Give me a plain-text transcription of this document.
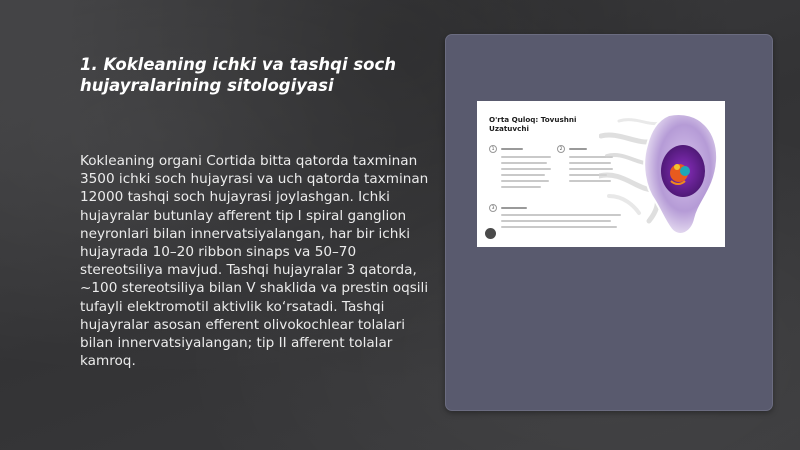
1. Kokleaning ichki va tashqi soch hujayralarining sitologiyasi

Kokleaning organi Cortida bitta qatorda taxminan 3500 ichki soch hujayrasi va uch qatorda taxminan 12000 tashqi soch hujayrasi joylashgan. Ichki hujayralar butunlay afferent tip I spiral ganglion neyronlari bilan innervatsiyalangan, har bir ichki hujayrada 10–20 ribbon sinaps va 50–70 stereotsiliya mavjud. Tashqi hujayralar 3 qatorda, ~100 stereotsiliya bilan V shaklida va prestin oqsili tufayli elektromotil aktivlik ko‘rsatadi. Tashqi hujayralar asosan efferent olivokochlear tolalari bilan innervatsiyalangan; tip II afferent tolalar kamroq.

O'rta Quloq: Tovushni Uzatuvchi

1	2
3
